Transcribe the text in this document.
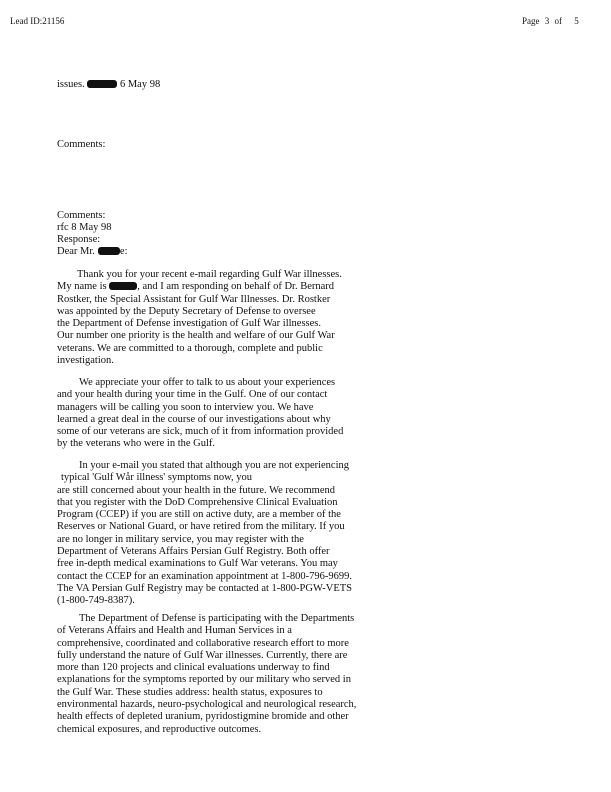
Lead ID:21156	Page 3 of 5
issues.	6 May 98
Comments:
Comments:
rfc 8 May 98
Response:
Dear Mr. e:
Thank you for your recent e-mail regarding Gulf War illnesses.
My name is	, and I am responding on behalf of Dr. Bernard
Rostker, the Special Assistant for Gulf War Illnesses. Dr. Rostker
was appointed by the Deputy Secretary of Defense to oversee
the Department of Defense investigation of Gulf War illnesses.
Our number one priority is the health and welfare of our Gulf War
veterans. We are committed to a thorough, complete and public
investigation.
We appreciate your offer to talk to us about your experiences
and your health during your time in the Gulf. One of our contact
managers will be calling you soon to interview you. We have
learned a great deal in the course of our investigations about why
some of our veterans are sick, much of it from information provided
by the veterans who were in the Gulf.
In your e-mail you stated that although you are not experiencing
typical 'Gulf Wår illness' symptoms now, you
are still concerned about your health in the future. We recommend
that you register with the DoD Comprehensive Clinical Evaluation
Program (CCEP) if you are still on active duty, are a member of the
Reserves or National Guard, or have retired from the military. If you
are no longer in military service, you may register with the
Department of Veterans Affairs Persian Gulf Registry. Both offer
free in-depth medical examinations to Gulf War veterans. You may
contact the CCEP for an examination appointment at 1-800-796-9699.
The VA Persian Gulf Registry may be contacted at 1-800-PGW-VETS
(1-800-749-8387).
The Department of Defense is participating with the Departments
of Veterans Affairs and Health and Human Services in a
comprehensive, coordinated and collaborative research effort to more
fully understand the nature of Gulf War illnesses. Currently, there are
more than 120 projects and clinical evaluations underway to find
explanations for the symptoms reported by our military who served in
the Gulf War. These studies address: health status, exposures to
environmental hazards, neuro-psychological and neurological research,
health effects of depleted uranium, pyridostigmine bromide and other
chemical exposures, and reproductive outcomes.
